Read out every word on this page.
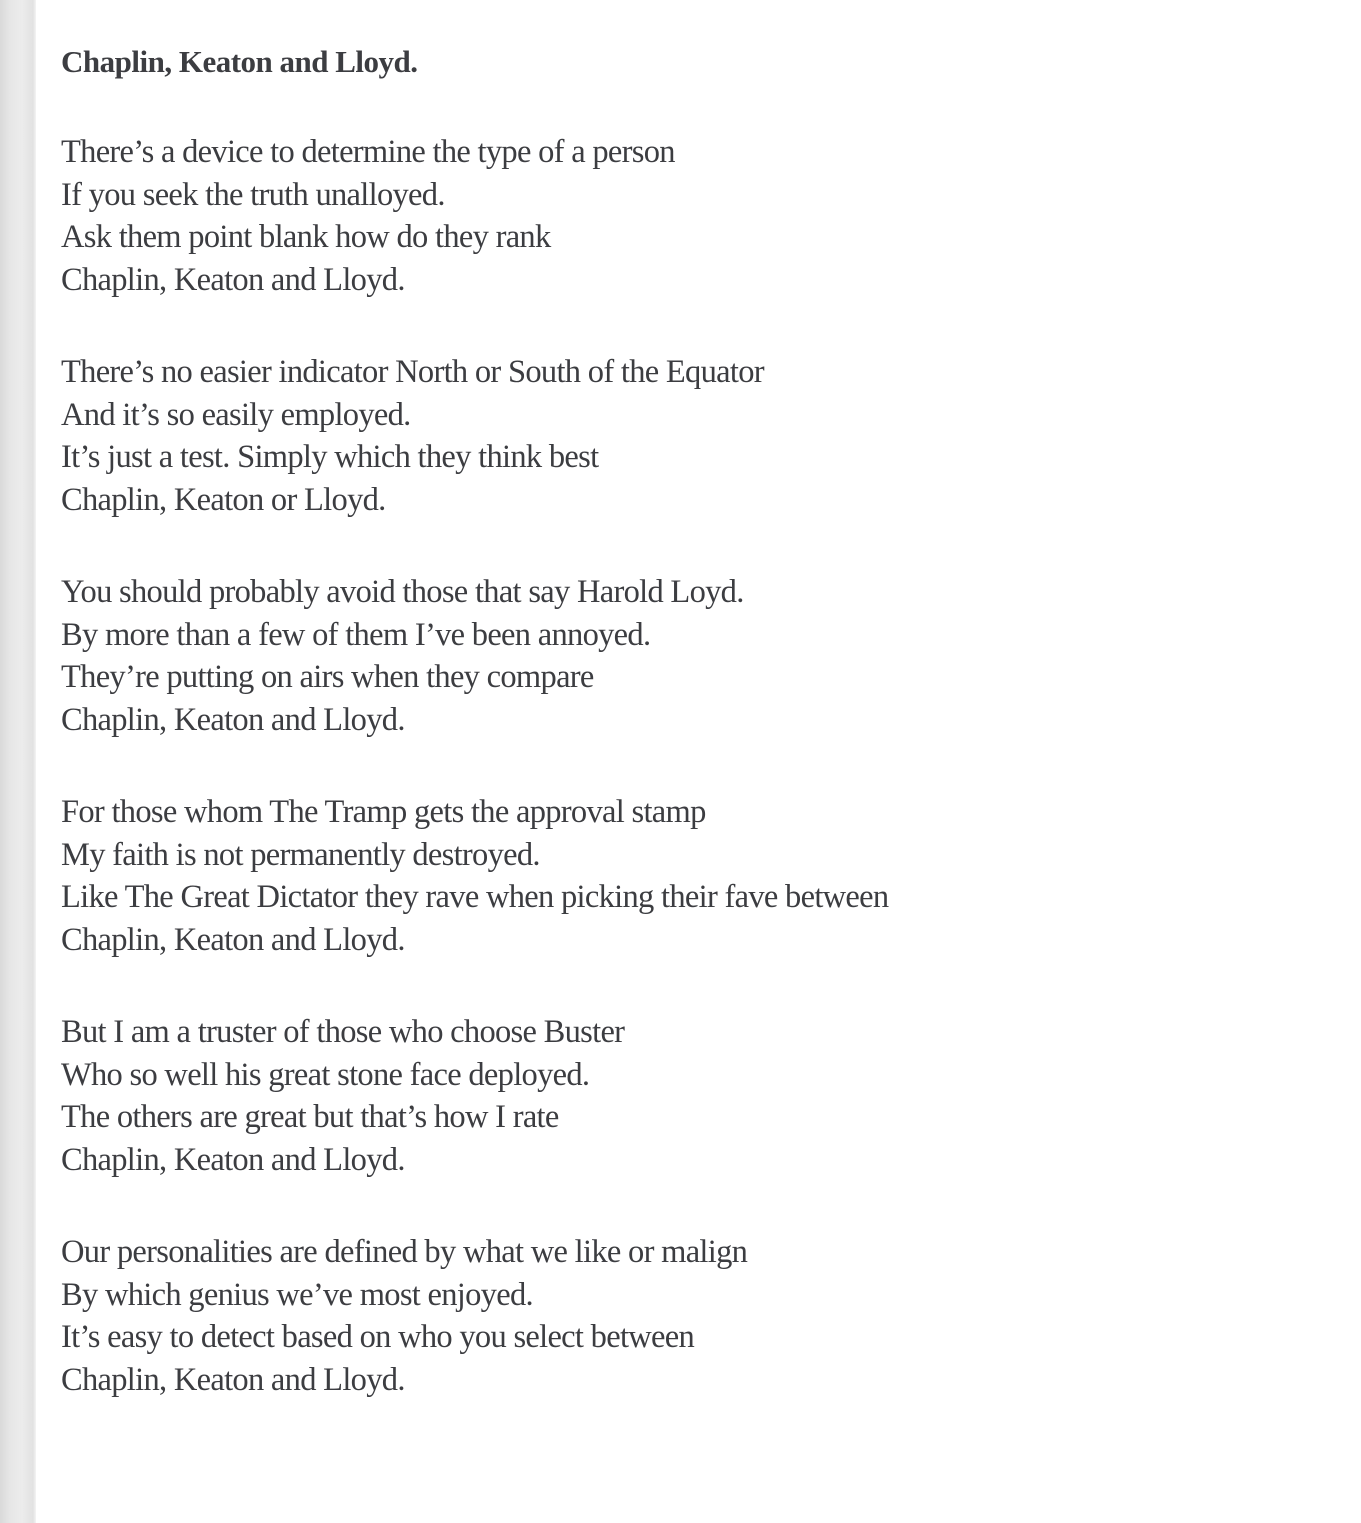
Chaplin, Keaton and Lloyd.
There’s a device to determine the type of a person
If you seek the truth unalloyed.
Ask them point blank how do they rank
Chaplin, Keaton and Lloyd.
There’s no easier indicator North or South of the Equator
And it’s so easily employed.
It’s just a test. Simply which they think best
Chaplin, Keaton or Lloyd.
You should probably avoid those that say Harold Loyd.
By more than a few of them I’ve been annoyed.
They’re putting on airs when they compare
Chaplin, Keaton and Lloyd.
For those whom The Tramp gets the approval stamp
My faith is not permanently destroyed.
Like The Great Dictator they rave when picking their fave between
Chaplin, Keaton and Lloyd.
But I am a truster of those who choose Buster
Who so well his great stone face deployed.
The others are great but that’s how I rate
Chaplin, Keaton and Lloyd.
Our personalities are defined by what we like or malign
By which genius we’ve most enjoyed.
It’s easy to detect based on who you select between
Chaplin, Keaton and Lloyd.
